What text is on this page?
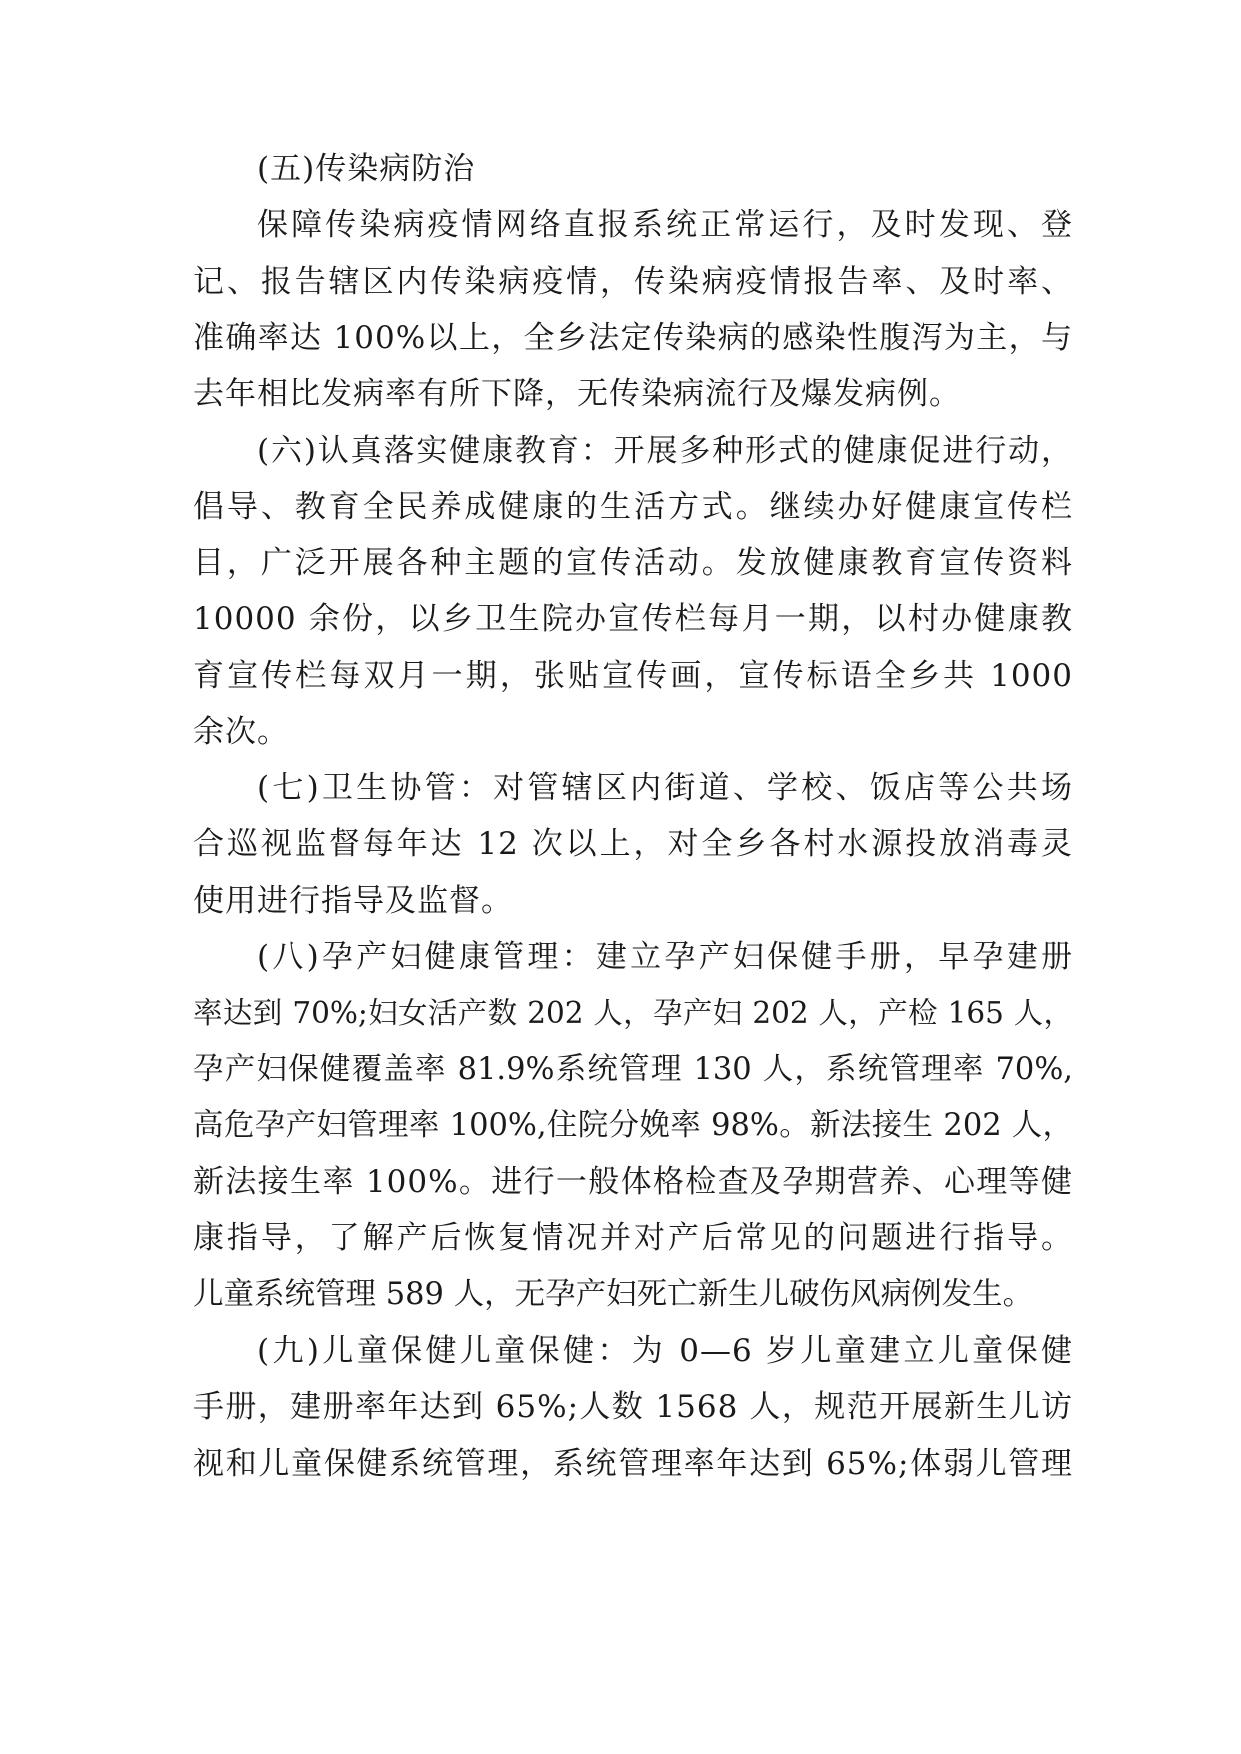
(五)传染病防治
保障传染病疫情网络直报系统正常运行，及时发现、登
记、报告辖区内传染病疫情，传染病疫情报告率、及时率、
准确率达 100%以上，全乡法定传染病的感染性腹泻为主，与
去年相比发病率有所下降，无传染病流行及爆发病例。
(六)认真落实健康教育：开展多种形式的健康促进行动，
倡导、教育全民养成健康的生活方式。继续办好健康宣传栏
目，广泛开展各种主题的宣传活动。发放健康教育宣传资料
10000 余份，以乡卫生院办宣传栏每月一期，以村办健康教
育宣传栏每双月一期，张贴宣传画，宣传标语全乡共 1000
余次。
(七)卫生协管：对管辖区内街道、学校、饭店等公共场
合巡视监督每年达 12 次以上，对全乡各村水源投放消毒灵
使用进行指导及监督。
(八)孕产妇健康管理：建立孕产妇保健手册，早孕建册
率达到 70%;妇女活产数 202 人，孕产妇 202 人，产检 165 人，
孕产妇保健覆盖率 81.9%系统管理 130 人，系统管理率 70%,
高危孕产妇管理率 100%,住院分娩率 98%。新法接生 202 人，
新法接生率 100%。进行一般体格检查及孕期营养、心理等健
康指导，了解产后恢复情况并对产后常见的问题进行指导。
儿童系统管理 589 人，无孕产妇死亡新生儿破伤风病例发生。
(九)儿童保健儿童保健：为 0—6 岁儿童建立儿童保健
手册，建册率年达到 65%;人数 1568 人，规范开展新生儿访
视和儿童保健系统管理，系统管理率年达到 65%;体弱儿管理
